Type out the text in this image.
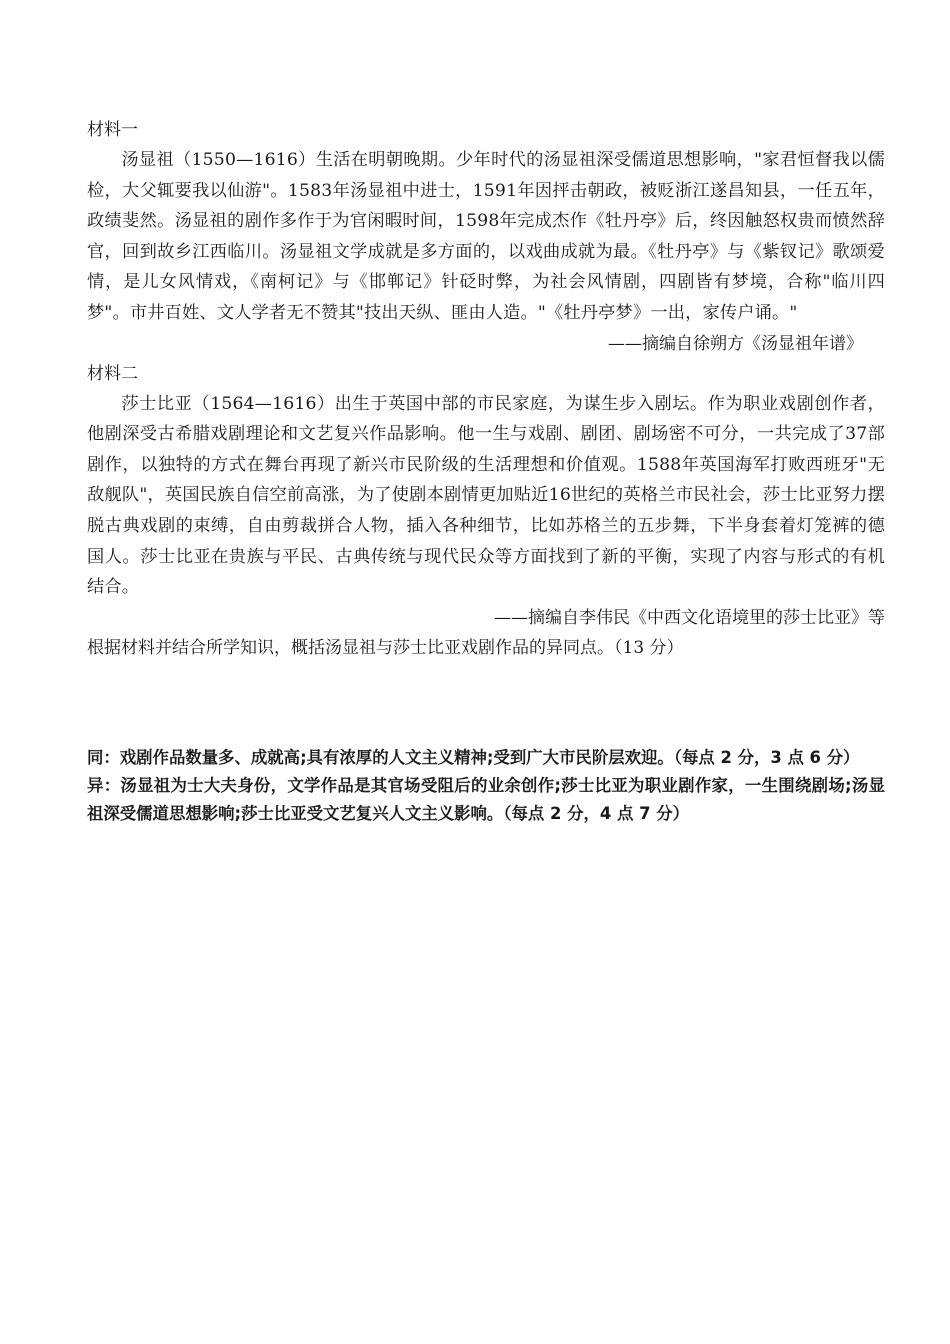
材料一

汤显祖（1550—1616）生活在明朝晚期。少年时代的汤显祖深受儒道思想影响，"家君恒督我以儒检，大父辄要我以仙游"。1583年汤显祖中进士，1591年因抨击朝政，被贬浙江遂昌知县，一任五年，政绩斐然。汤显祖的剧作多作于为官闲暇时间，1598年完成杰作《牡丹亭》后，终因触怒权贵而愤然辞官，回到故乡江西临川。汤显祖文学成就是多方面的，以戏曲成就为最。《牡丹亭》与《紫钗记》歌颂爱情，是儿女风情戏，《南柯记》与《邯郸记》针砭时弊，为社会风情剧，四剧皆有梦境，合称"临川四梦"。市井百姓、文人学者无不赞其"技出天纵、匪由人造。"《牡丹亭梦》一出，家传户诵。"

——摘编自徐朔方《汤显祖年谱》

材料二

莎士比亚（1564—1616）出生于英国中部的市民家庭，为谋生步入剧坛。作为职业戏剧创作者，他剧深受古希腊戏剧理论和文艺复兴作品影响。他一生与戏剧、剧团、剧场密不可分，一共完成了37部剧作，以独特的方式在舞台再现了新兴市民阶级的生活理想和价值观。1588年英国海军打败西班牙"无敌舰队"，英国民族自信空前高涨，为了使剧本剧情更加贴近16世纪的英格兰市民社会，莎士比亚努力摆脱古典戏剧的束缚，自由剪裁拼合人物，插入各种细节，比如苏格兰的五步舞，下半身套着灯笼裤的德国人。莎士比亚在贵族与平民、古典传统与现代民众等方面找到了新的平衡，实现了内容与形式的有机结合。

——摘编自李伟民《中西文化语境里的莎士比亚》等

根据材料并结合所学知识，概括汤显祖与莎士比亚戏剧作品的异同点。（13 分）

同：戏剧作品数量多、成就高;具有浓厚的人文主义精神;受到广大市民阶层欢迎。（每点 2 分，3 点 6 分）

异：汤显祖为士大夫身份，文学作品是其官场受阻后的业余创作;莎士比亚为职业剧作家，一生围绕剧场;汤显祖深受儒道思想影响;莎士比亚受文艺复兴人文主义影响。（每点 2 分，4 点 7 分）
